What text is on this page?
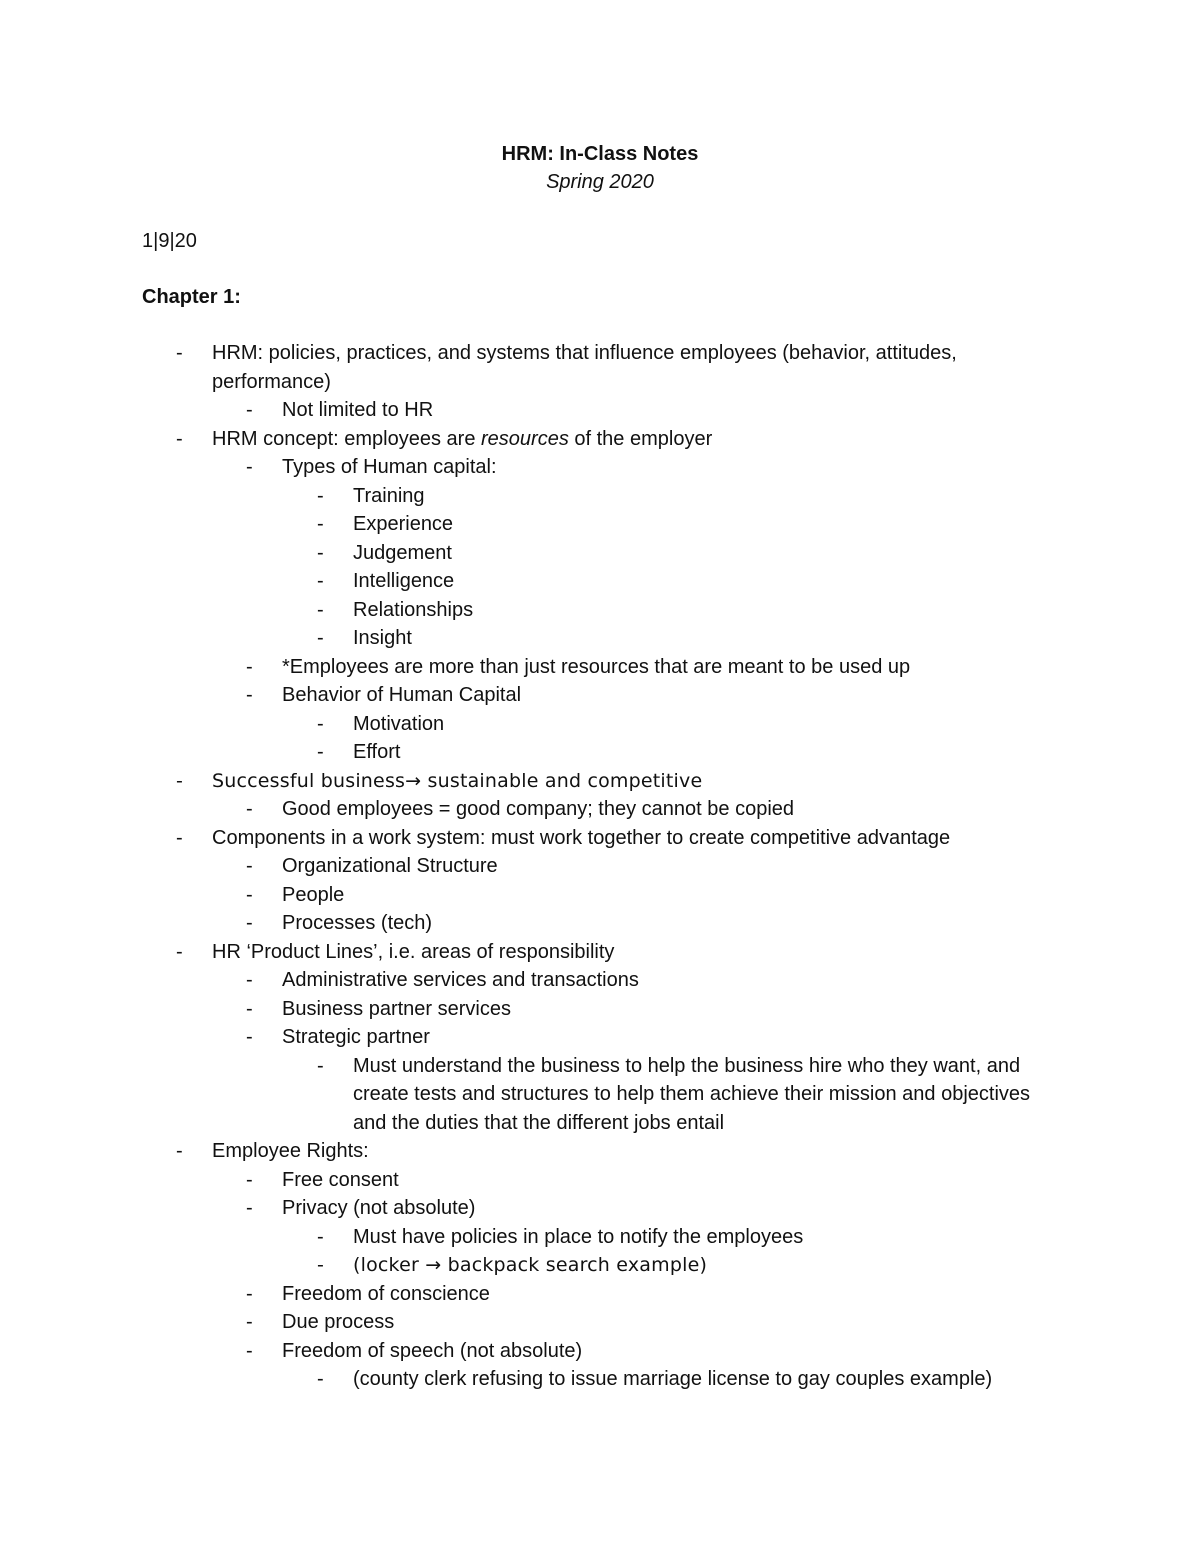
HRM: In-Class Notes
Spring 2020
1|9|20
Chapter 1:
- HRM: policies, practices, and systems that influence employees (behavior, attitudes, performance)
- Not limited to HR
- HRM concept: employees are resources of the employer
- Types of Human capital:
- Training
- Experience
- Judgement
- Intelligence
- Relationships
- Insight
- *Employees are more than just resources that are meant to be used up
- Behavior of Human Capital
- Motivation
- Effort
- Successful business→ sustainable and competitive
- Good employees = good company; they cannot be copied
- Components in a work system: must work together to create competitive advantage
- Organizational Structure
- People
- Processes (tech)
- HR ‘Product Lines’, i.e. areas of responsibility
- Administrative services and transactions
- Business partner services
- Strategic partner
- Must understand the business to help the business hire who they want, and create tests and structures to help them achieve their mission and objectives and the duties that the different jobs entail
- Employee Rights:
- Free consent
- Privacy (not absolute)
- Must have policies in place to notify the employees
- (locker → backpack search example)
- Freedom of conscience
- Due process
- Freedom of speech (not absolute)
- (county clerk refusing to issue marriage license to gay couples example)
